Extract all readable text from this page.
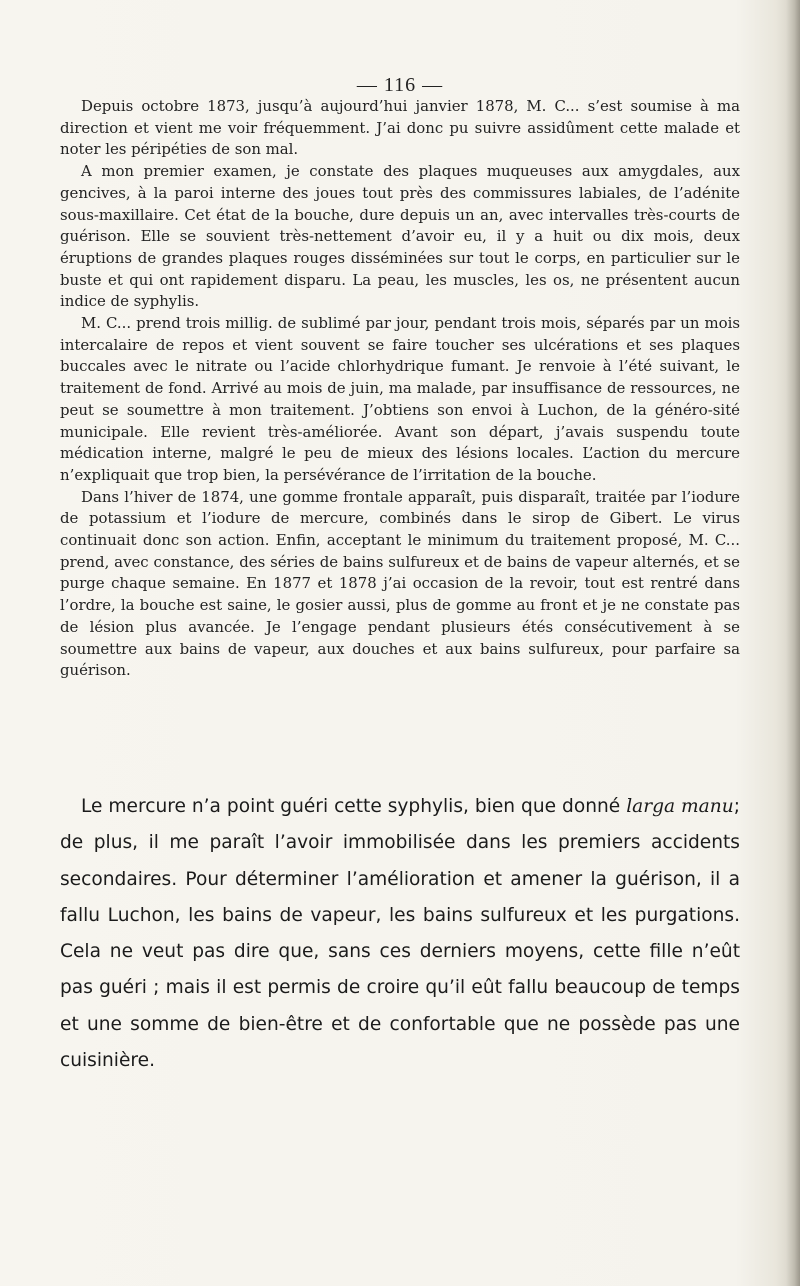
— 116 —

Depuis octobre 1873, jusqu’à aujourd’hui janvier 1878, M. C... s’est soumise à ma direction et vient me voir fréquemment. J’ai donc pu suivre assidûment cette malade et noter les péripéties de son mal.

A mon premier examen, je constate des plaques muqueuses aux amygdales, aux gencives, à la paroi interne des joues tout près des commissures labiales, de l’adénite sous-maxillaire. Cet état de la bouche, dure depuis un an, avec intervalles très-courts de guérison. Elle se souvient très-nettement d’avoir eu, il y a huit ou dix mois, deux éruptions de grandes plaques rouges disséminées sur tout le corps, en particulier sur le buste et qui ont rapidement disparu. La peau, les muscles, les os, ne présentent aucun indice de syphylis.

M. C... prend trois millig. de sublimé par jour, pendant trois mois, séparés par un mois intercalaire de repos et vient souvent se faire toucher ses ulcérations et ses plaques buccales avec le nitrate ou l’acide chlorhydrique fumant. Je renvoie à l’été suivant, le traitement de fond. Arrivé au mois de juin, ma malade, par insuffisance de ressources, ne peut se soumettre à mon traitement. J’obtiens son envoi à Luchon, de la généro-sité municipale. Elle revient très-améliorée. Avant son départ, j’avais suspendu toute médication interne, malgré le peu de mieux des lésions locales. L’action du mercure n’expliquait que trop bien, la persévérance de l’irritation de la bouche.

Dans l’hiver de 1874, une gomme frontale apparaît, puis disparaît, traitée par l’iodure de potassium et l’iodure de mercure, combinés dans le sirop de Gibert. Le virus continuait donc son action. Enfin, acceptant le minimum du traitement proposé, M. C... prend, avec constance, des séries de bains sulfureux et de bains de vapeur alternés, et se purge chaque semaine. En 1877 et 1878 j’ai occasion de la revoir, tout est rentré dans l’ordre, la bouche est saine, le gosier aussi, plus de gomme au front et je ne constate pas de lésion plus avancée. Je l’engage pendant plusieurs étés consécutivement à se soumettre aux bains de vapeur, aux douches et aux bains sulfureux, pour parfaire sa guérison.

Le mercure n’a point guéri cette syphylis, bien que donné larga manu; de plus, il me paraît l’avoir immobilisée dans les premiers accidents secondaires. Pour déterminer l’amélioration et amener la guérison, il a fallu Luchon, les bains de vapeur, les bains sulfureux et les purgations. Cela ne veut pas dire que, sans ces derniers moyens, cette fille n’eût pas guéri ; mais il est permis de croire qu’il eût fallu beaucoup de temps et une somme de bien-être et de confortable que ne possède pas une cuisinière.
